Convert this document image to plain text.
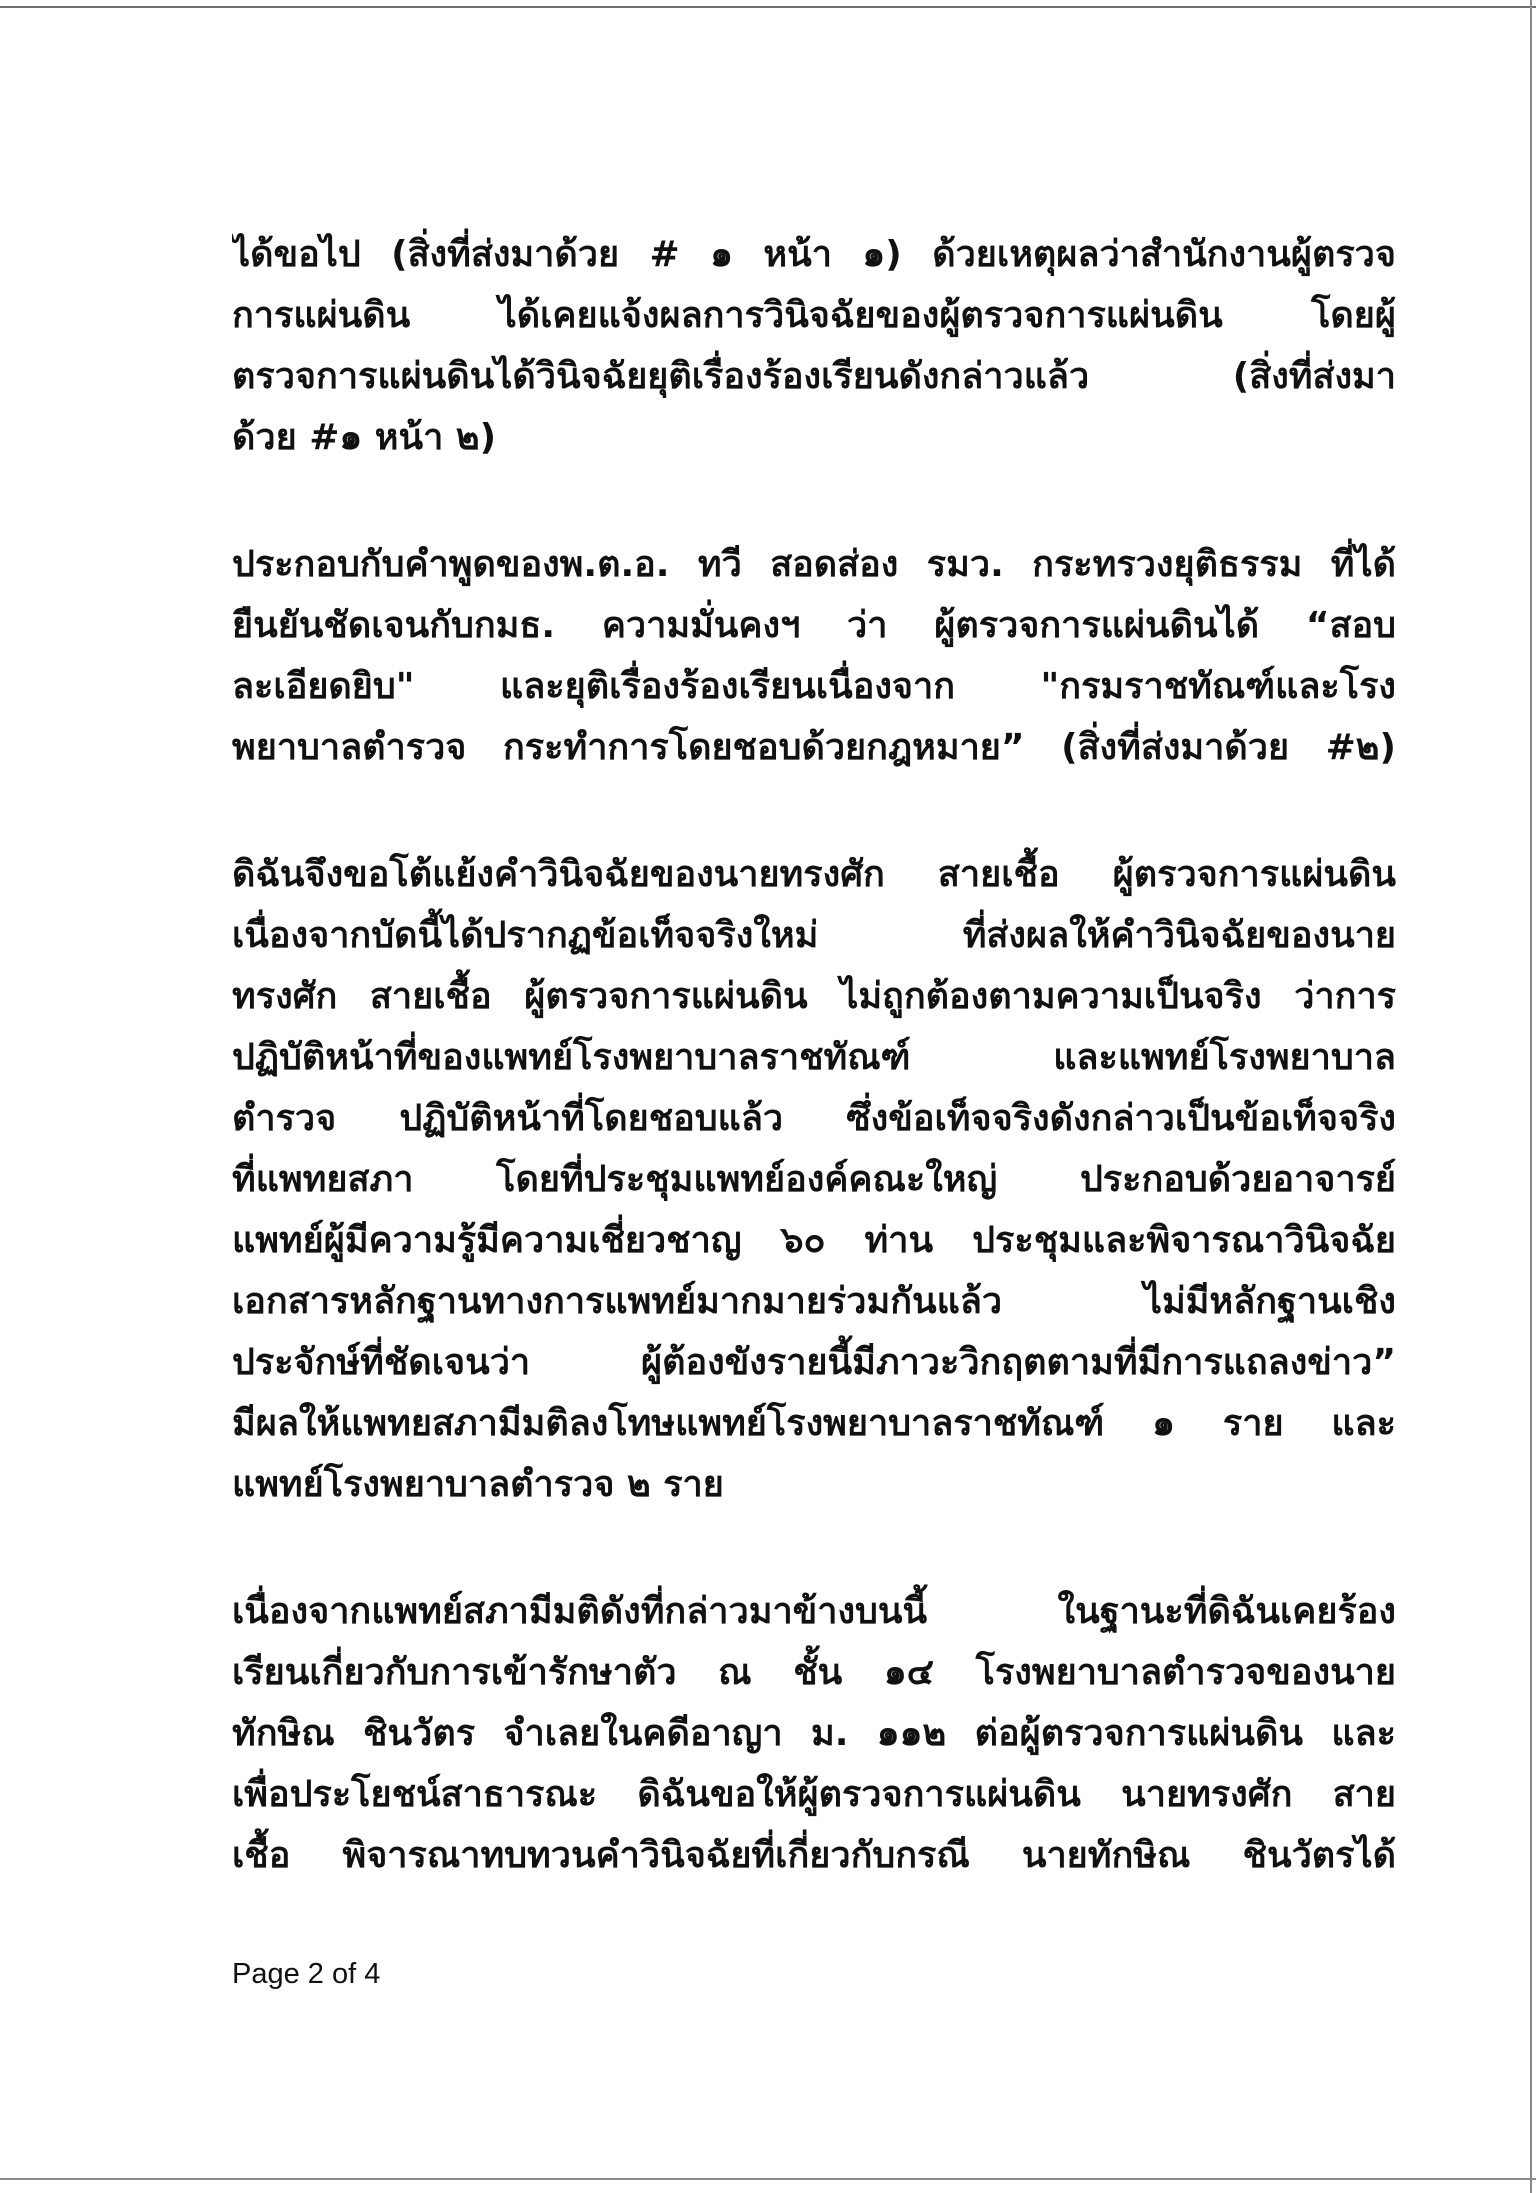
ได้ขอไป (สิ่งที่ส่งมาด้วย # ๑ หน้า ๑) ด้วยเหตุผลว่าสำนักงานผู้ตรวจ
การแผ่นดิน ได้เคยแจ้งผลการวินิจฉัยของผู้ตรวจการแผ่นดิน โดยผู้
ตรวจการแผ่นดินได้วินิจฉัยยุติเรื่องร้องเรียนดังกล่าวแล้ว (สิ่งที่ส่งมา
ด้วย #๑ หน้า ๒)
ประกอบกับคำพูดของพ.ต.อ. ทวี สอดส่อง รมว. กระทรวงยุติธรรม ที่ได้
ยืนยันชัดเจนกับกมธ. ความมั่นคงฯ ว่า ผู้ตรวจการแผ่นดินได้ “สอบ
ละเอียดยิบ" และยุติเรื่องร้องเรียนเนื่องจาก "กรมราชทัณฑ์และโรง
พยาบาลตำรวจ กระทำการโดยชอบด้วยกฎหมาย” (สิ่งที่ส่งมาด้วย #๒)
ดิฉันจึงขอโต้แย้งคำวินิจฉัยของนายทรงศัก สายเชื้อ ผู้ตรวจการแผ่นดิน
เนื่องจากบัดนี้ได้ปรากฏข้อเท็จจริงใหม่ ที่ส่งผลให้คำวินิจฉัยของนาย
ทรงศัก สายเชื้อ ผู้ตรวจการแผ่นดิน ไม่ถูกต้องตามความเป็นจริง ว่าการ
ปฏิบัติหน้าที่ของแพทย์โรงพยาบาลราชทัณฑ์ และแพทย์โรงพยาบาล
ตำรวจ ปฏิบัติหน้าที่โดยชอบแล้ว ซึ่งข้อเท็จจริงดังกล่าวเป็นข้อเท็จจริง
ที่แพทยสภา โดยที่ประชุมแพทย์องค์คณะใหญ่ ประกอบด้วยอาจารย์
แพทย์ผู้มีความรู้มีความเชี่ยวชาญ ๖๐ ท่าน ประชุมและพิจารณาวินิจฉัย
เอกสารหลักฐานทางการแพทย์มากมายร่วมกันแล้ว ไม่มีหลักฐานเชิง
ประจักษ์ที่ชัดเจนว่า ผู้ต้องขังรายนี้มีภาวะวิกฤตตามที่มีการแถลงข่าว”
มีผลให้แพทยสภามีมติลงโทษแพทย์โรงพยาบาลราชทัณฑ์ ๑ ราย และ
แพทย์โรงพยาบาลตำรวจ ๒ ราย
เนื่องจากแพทย์สภามีมติดังที่กล่าวมาข้างบนนี้ ในฐานะที่ดิฉันเคยร้อง
เรียนเกี่ยวกับการเข้ารักษาตัว ณ ชั้น ๑๔ โรงพยาบาลตำรวจของนาย
ทักษิณ ชินวัตร จำเลยในคดีอาญา ม. ๑๑๒ ต่อผู้ตรวจการแผ่นดิน และ
เพื่อประโยชน์สาธารณะ ดิฉันขอให้ผู้ตรวจการแผ่นดิน นายทรงศัก สาย
เชื้อ พิจารณาทบทวนคำวินิจฉัยที่เกี่ยวกับกรณี นายทักษิณ ชินวัตรได้
Page 2 of 4
